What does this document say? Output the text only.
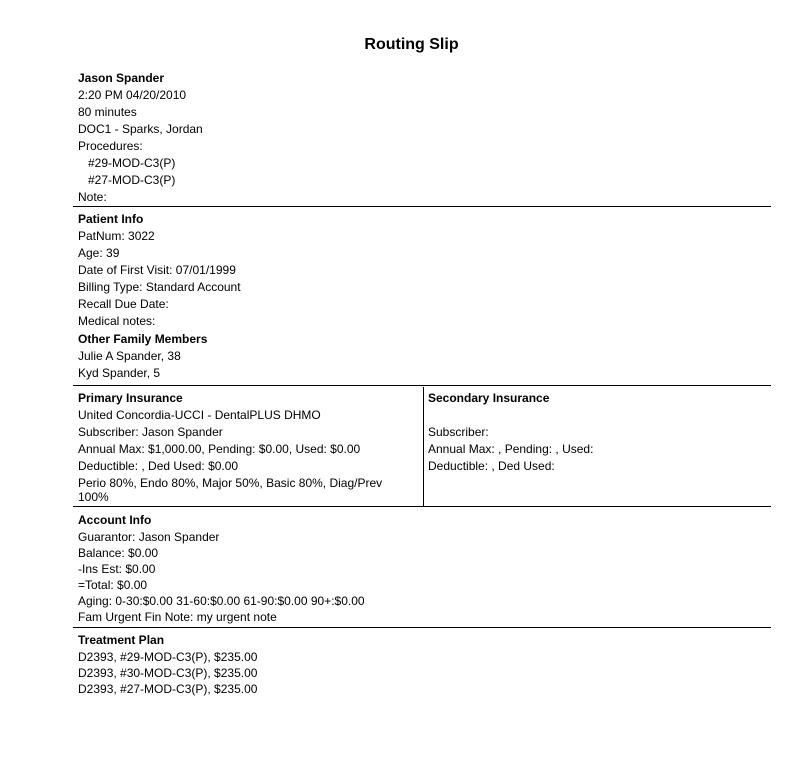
Routing Slip
Jason Spander
2:20 PM 04/20/2010
80 minutes
DOC1 - Sparks, Jordan
Procedures:
#29-MOD-C3(P)
#27-MOD-C3(P)
Note:
Patient Info
PatNum: 3022
Age: 39
Date of First Visit: 07/01/1999
Billing Type: Standard Account
Recall Due Date:
Medical notes:
Other Family Members
Julie A Spander, 38
Kyd Spander, 5
Primary Insurance
United Concordia-UCCI - DentalPLUS DHMO
Subscriber: Jason Spander
Annual Max: $1,000.00, Pending: $0.00, Used: $0.00
Deductible: , Ded Used: $0.00
Perio 80%, Endo 80%, Major 50%, Basic 80%, Diag/Prev
100%
Secondary Insurance
Subscriber:
Annual Max: , Pending: , Used:
Deductible: , Ded Used:
Account Info
Guarantor: Jason Spander
Balance: $0.00
-Ins Est: $0.00
=Total: $0.00
Aging: 0-30:$0.00 31-60:$0.00 61-90:$0.00 90+:$0.00
Fam Urgent Fin Note: my urgent note
Treatment Plan
D2393, #29-MOD-C3(P), $235.00
D2393, #30-MOD-C3(P), $235.00
D2393, #27-MOD-C3(P), $235.00
